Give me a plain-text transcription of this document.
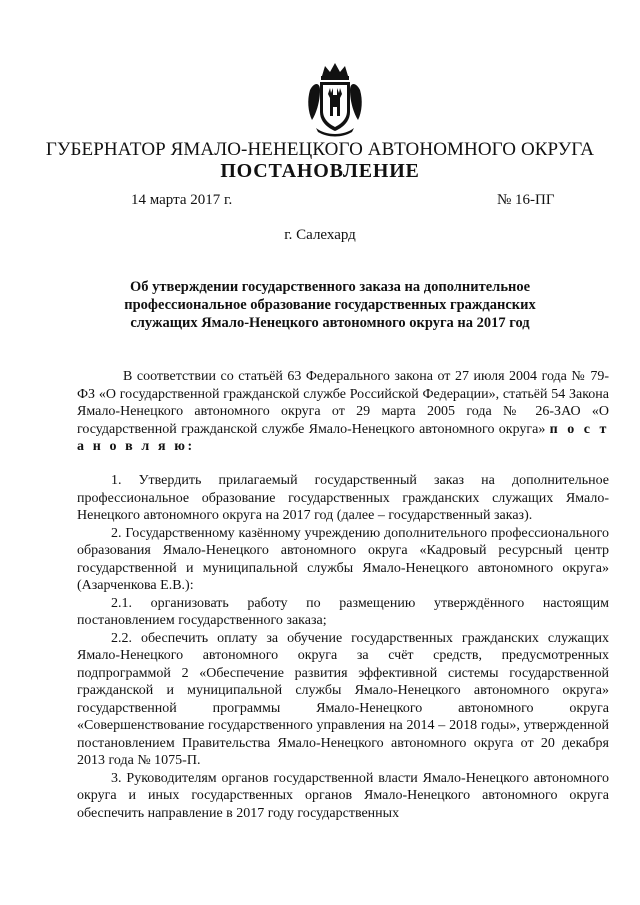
ГУБЕРНАТОР ЯМАЛО-НЕНЕЦКОГО АВТОНОМНОГО ОКРУГА
ПОСТАНОВЛЕНИЕ
14 марта 2017 г.	№ 16-ПГ
г. Салехард
Об утверждении государственного заказа на дополнительное
профессиональное образование государственных гражданских
служащих Ямало-Ненецкого автономного округа на 2017 год

В соответствии со статьёй 63 Федерального закона от 27 июля 2004 года № 79-ФЗ «О государственной гражданской службе Российской Федерации», статьёй 54 Закона Ямало-Ненецкого автономного округа от 29 марта 2005 года № 26-ЗАО «О государственной гражданской службе Ямало-Ненецкого автономного округа» п о с т а н о в л я ю:

1. Утвердить прилагаемый государственный заказ на дополнительное профессиональное образование государственных гражданских служащих Ямало-Ненецкого автономного округа на 2017 год (далее – государственный заказ).

2. Государственному казённому учреждению дополнительного профессионального образования Ямало-Ненецкого автономного округа «Кадровый ресурсный центр государственной и муниципальной службы Ямало-Ненецкого автономного округа» (Азарченкова Е.В.):

2.1. организовать работу по размещению утверждённого настоящим постановлением государственного заказа;

2.2. обеспечить оплату за обучение государственных гражданских служащих Ямало-Ненецкого автономного округа за счёт средств, предусмотренных подпрограммой 2 «Обеспечение развития эффективной системы государственной гражданской и муниципальной службы Ямало-Ненецкого автономного округа» государственной программы Ямало-Ненецкого автономного округа «Совершенствование государственного управления на 2014 – 2018 годы», утвержденной постановлением Правительства Ямало-Ненецкого автономного округа от 20 декабря 2013 года № 1075-П.

3. Руководителям органов государственной власти Ямало-Ненецкого автономного округа и иных государственных органов Ямало-Ненецкого автономного округа обеспечить направление в 2017 году государственных
